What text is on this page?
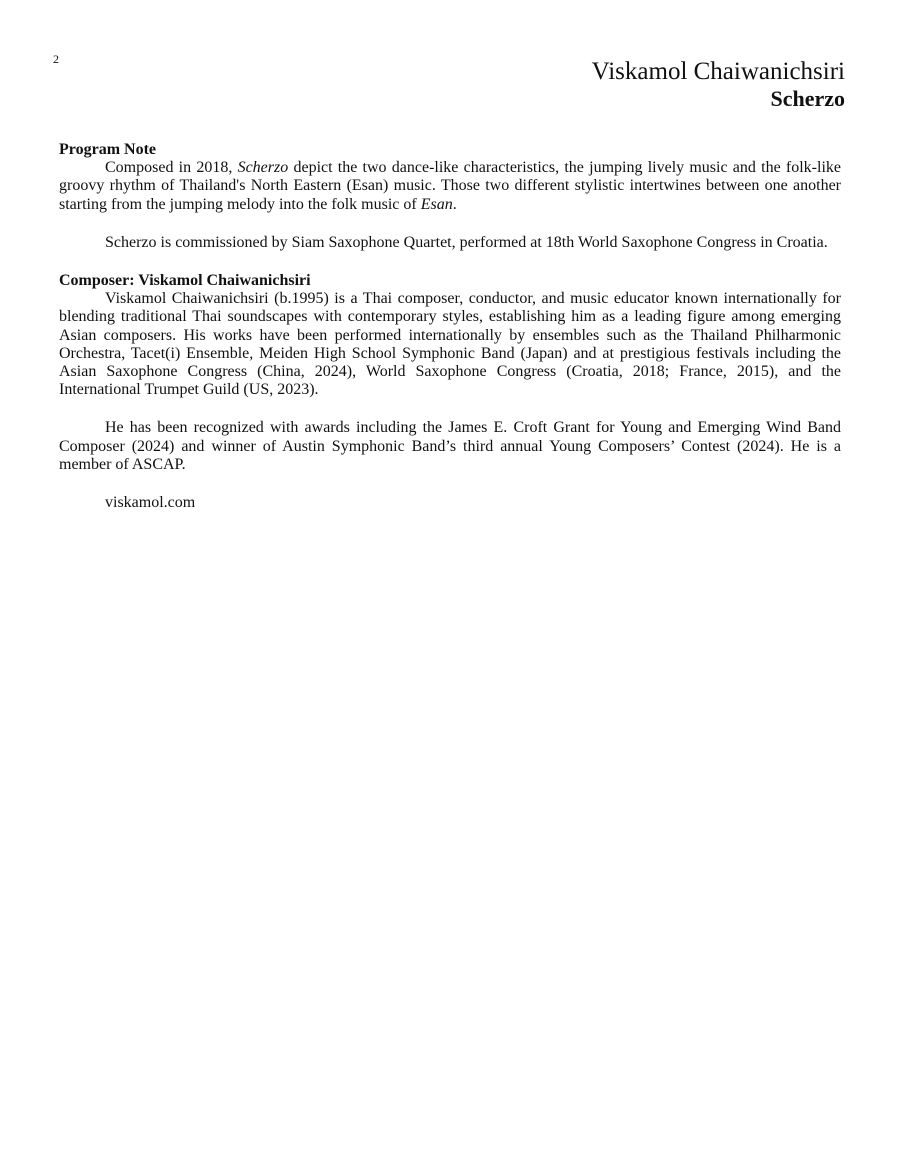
2	Viskamol Chaiwanichsiri
Scherzo
Program Note

Composed in 2018, Scherzo depict the two dance-like characteristics, the jumping lively music and the folk-like groovy rhythm of Thailand's North Eastern (Esan) music. Those two different stylistic intertwines between one another starting from the jumping melody into the folk music of Esan.

Scherzo is commissioned by Siam Saxophone Quartet, performed at 18th World Saxophone Congress in Croatia.

Composer: Viskamol Chaiwanichsiri

Viskamol Chaiwanichsiri (b.1995) is a Thai composer, conductor, and music educator known internationally for blending traditional Thai soundscapes with contemporary styles, establishing him as a leading figure among emerging Asian composers. His works have been performed internationally by ensembles such as the Thailand Philharmonic Orchestra, Tacet(i) Ensemble, Meiden High School Symphonic Band (Japan) and at prestigious festivals including the Asian Saxophone Congress (China, 2024), World Saxophone Congress (Croatia, 2018; France, 2015), and the International Trumpet Guild (US, 2023).

He has been recognized with awards including the James E. Croft Grant for Young and Emerging Wind Band Composer (2024) and winner of Austin Symphonic Band’s third annual Young Composers’ Contest (2024). He is a member of ASCAP.

viskamol.com
